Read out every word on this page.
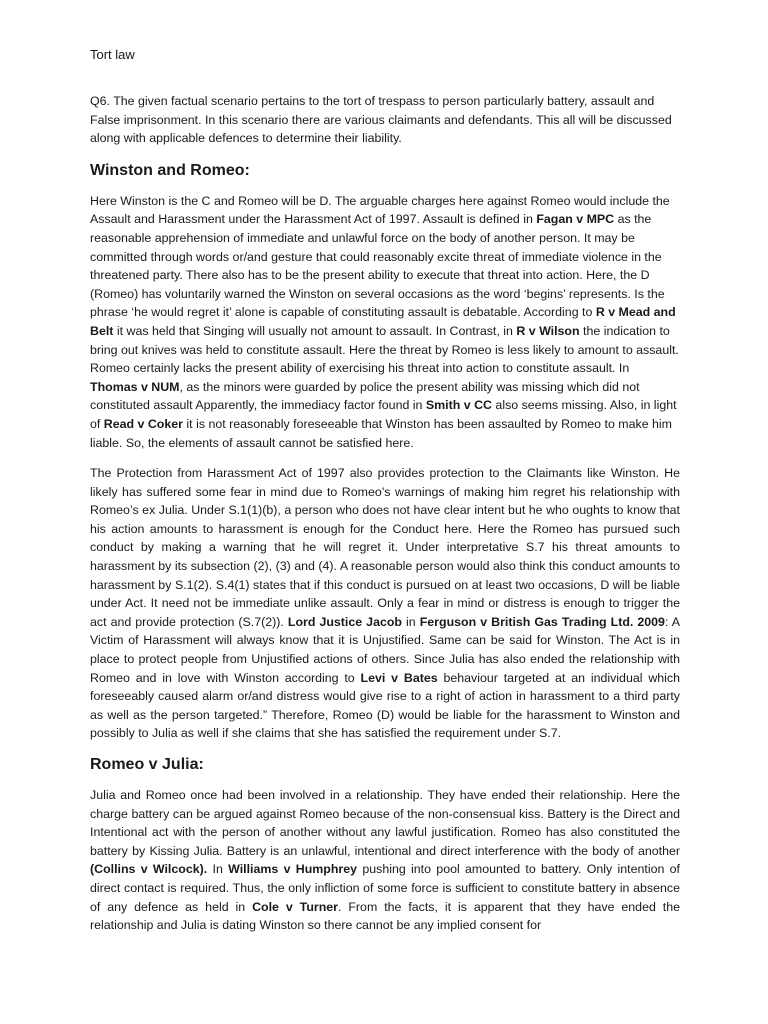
Tort law

Q6. The given factual scenario pertains to the tort of trespass to person particularly battery, assault and False imprisonment. In this scenario there are various claimants and defendants. This all will be discussed along with applicable defences to determine their liability.

Winston and Romeo:

Here Winston is the C and Romeo will be D. The arguable charges here against Romeo would include the Assault and Harassment under the Harassment Act of 1997. Assault is defined in Fagan v MPC as the reasonable apprehension of immediate and unlawful force on the body of another person. It may be committed through words or/and gesture that could reasonably excite threat of immediate violence in the threatened party. There also has to be the present ability to execute that threat into action. Here, the D (Romeo) has voluntarily warned the Winston on several occasions as the word ‘begins’ represents. Is the phrase ‘he would regret it’ alone is capable of constituting assault is debatable. According to R v Mead and Belt it was held that Singing will usually not amount to assault. In Contrast, in R v Wilson the indication to bring out knives was held to constitute assault. Here the threat by Romeo is less likely to amount to assault. Romeo certainly lacks the present ability of exercising his threat into action to constitute assault. In Thomas v NUM, as the minors were guarded by police the present ability was missing which did not constituted assault Apparently, the immediacy factor found in Smith v CC also seems missing. Also, in light of Read v Coker it is not reasonably foreseeable that Winston has been assaulted by Romeo to make him liable. So, the elements of assault cannot be satisfied here.

The Protection from Harassment Act of 1997 also provides protection to the Claimants like Winston. He likely has suffered some fear in mind due to Romeo’s warnings of making him regret his relationship with Romeo’s ex Julia. Under S.1(1)(b), a person who does not have clear intent but he who oughts to know that his action amounts to harassment is enough for the Conduct here. Here the Romeo has pursued such conduct by making a warning that he will regret it. Under interpretative S.7 his threat amounts to harassment by its subsection (2), (3) and (4). A reasonable person would also think this conduct amounts to harassment by S.1(2). S.4(1) states that if this conduct is pursued on at least two occasions, D will be liable under Act. It need not be immediate unlike assault. Only a fear in mind or distress is enough to trigger the act and provide protection (S.7(2)). Lord Justice Jacob in Ferguson v British Gas Trading Ltd. 2009: A Victim of Harassment will always know that it is Unjustified. Same can be said for Winston. The Act is in place to protect people from Unjustified actions of others. Since Julia has also ended the relationship with Romeo and in love with Winston according to Levi v Bates behaviour targeted at an individual which foreseeably caused alarm or/and distress would give rise to a right of action in harassment to a third party as well as the person targeted.” Therefore, Romeo (D) would be liable for the harassment to Winston and possibly to Julia as well if she claims that she has satisfied the requirement under S.7.

Romeo v Julia:

Julia and Romeo once had been involved in a relationship. They have ended their relationship. Here the charge battery can be argued against Romeo because of the non-consensual kiss. Battery is the Direct and Intentional act with the person of another without any lawful justification. Romeo has also constituted the battery by Kissing Julia. Battery is an unlawful, intentional and direct interference with the body of another (Collins v Wilcock). In Williams v Humphrey pushing into pool amounted to battery. Only intention of direct contact is required. Thus, the only infliction of some force is sufficient to constitute battery in absence of any defence as held in Cole v Turner. From the facts, it is apparent that they have ended the relationship and Julia is dating Winston so there cannot be any implied consent for
